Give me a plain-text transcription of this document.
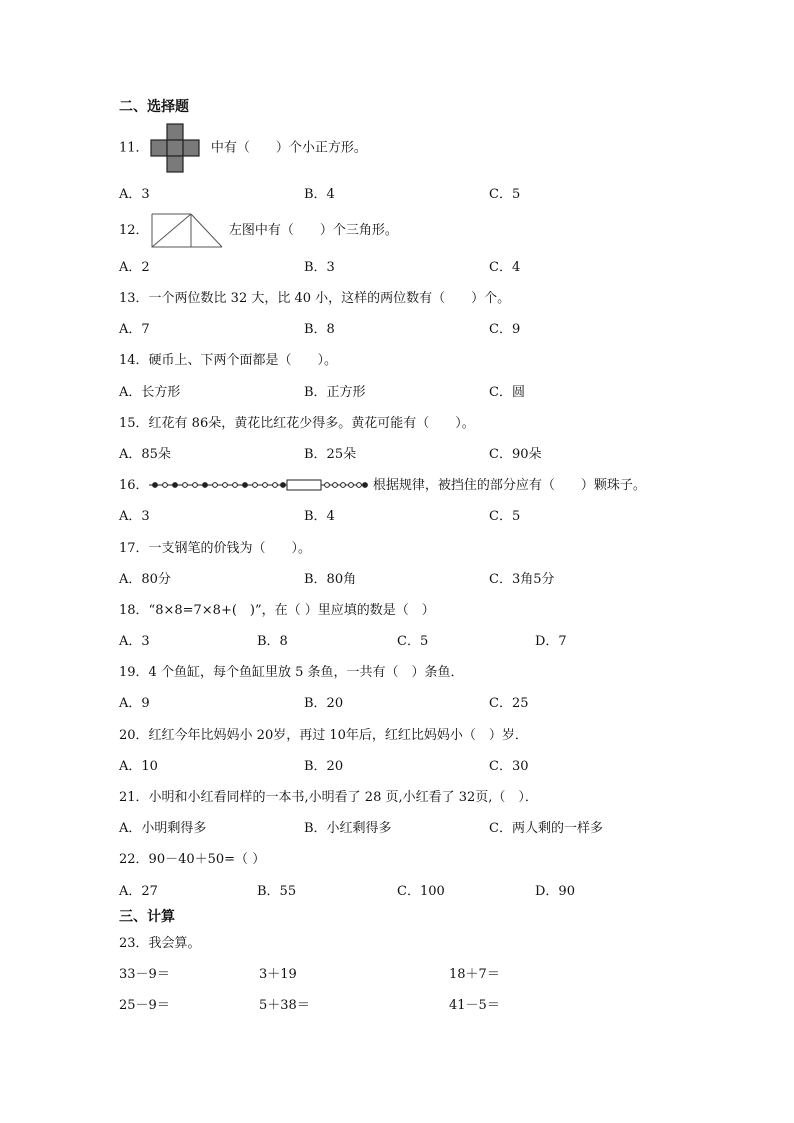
二、选择题
11．	中有（　　）个小正方形。
A．3	B．4	C．5
12．	左图中有（　　）个三角形。
A．2	B．3	C．4
13．一个两位数比 32 大，比 40 小，这样的两位数有（　　）个。
A．7	B．8	C．9
14．硬币上、下两个面都是（　　）。
A．长方形	B．正方形	C．圆
15．红花有 86朵，黄花比红花少得多。黄花可能有（　　）。
A．85朵	B．25朵	C．90朵
16．	根据规律，被挡住的部分应有（　　）颗珠子。
A．3	B．4	C．5
17．一支钢笔的价钱为（　　）。
A．80分	B．80角	C．3角5分
18．“8×8=7×8+(　)”，在（ ）里应填的数是（　）
A．3	B．8	C．5	D．7
19．4 个鱼缸，每个鱼缸里放 5 条鱼，一共有（　）条鱼．
A．9	B．20	C．25
20．红红今年比妈妈小 20岁，再过 10年后，红红比妈妈小（　）岁．
A．10	B．20	C．30
21．小明和小红看同样的一本书,小明看了 28 页,小红看了 32页,（　）．
A．小明剩得多	B．小红剩得多	C．两人剩的一样多
22．90－40＋50=（ ）
A．27	B．55	C．100	D．90
三、计算
23．我会算。
33－9＝	3＋19	18＋7＝
25－9＝	5＋38＝	41－5＝
